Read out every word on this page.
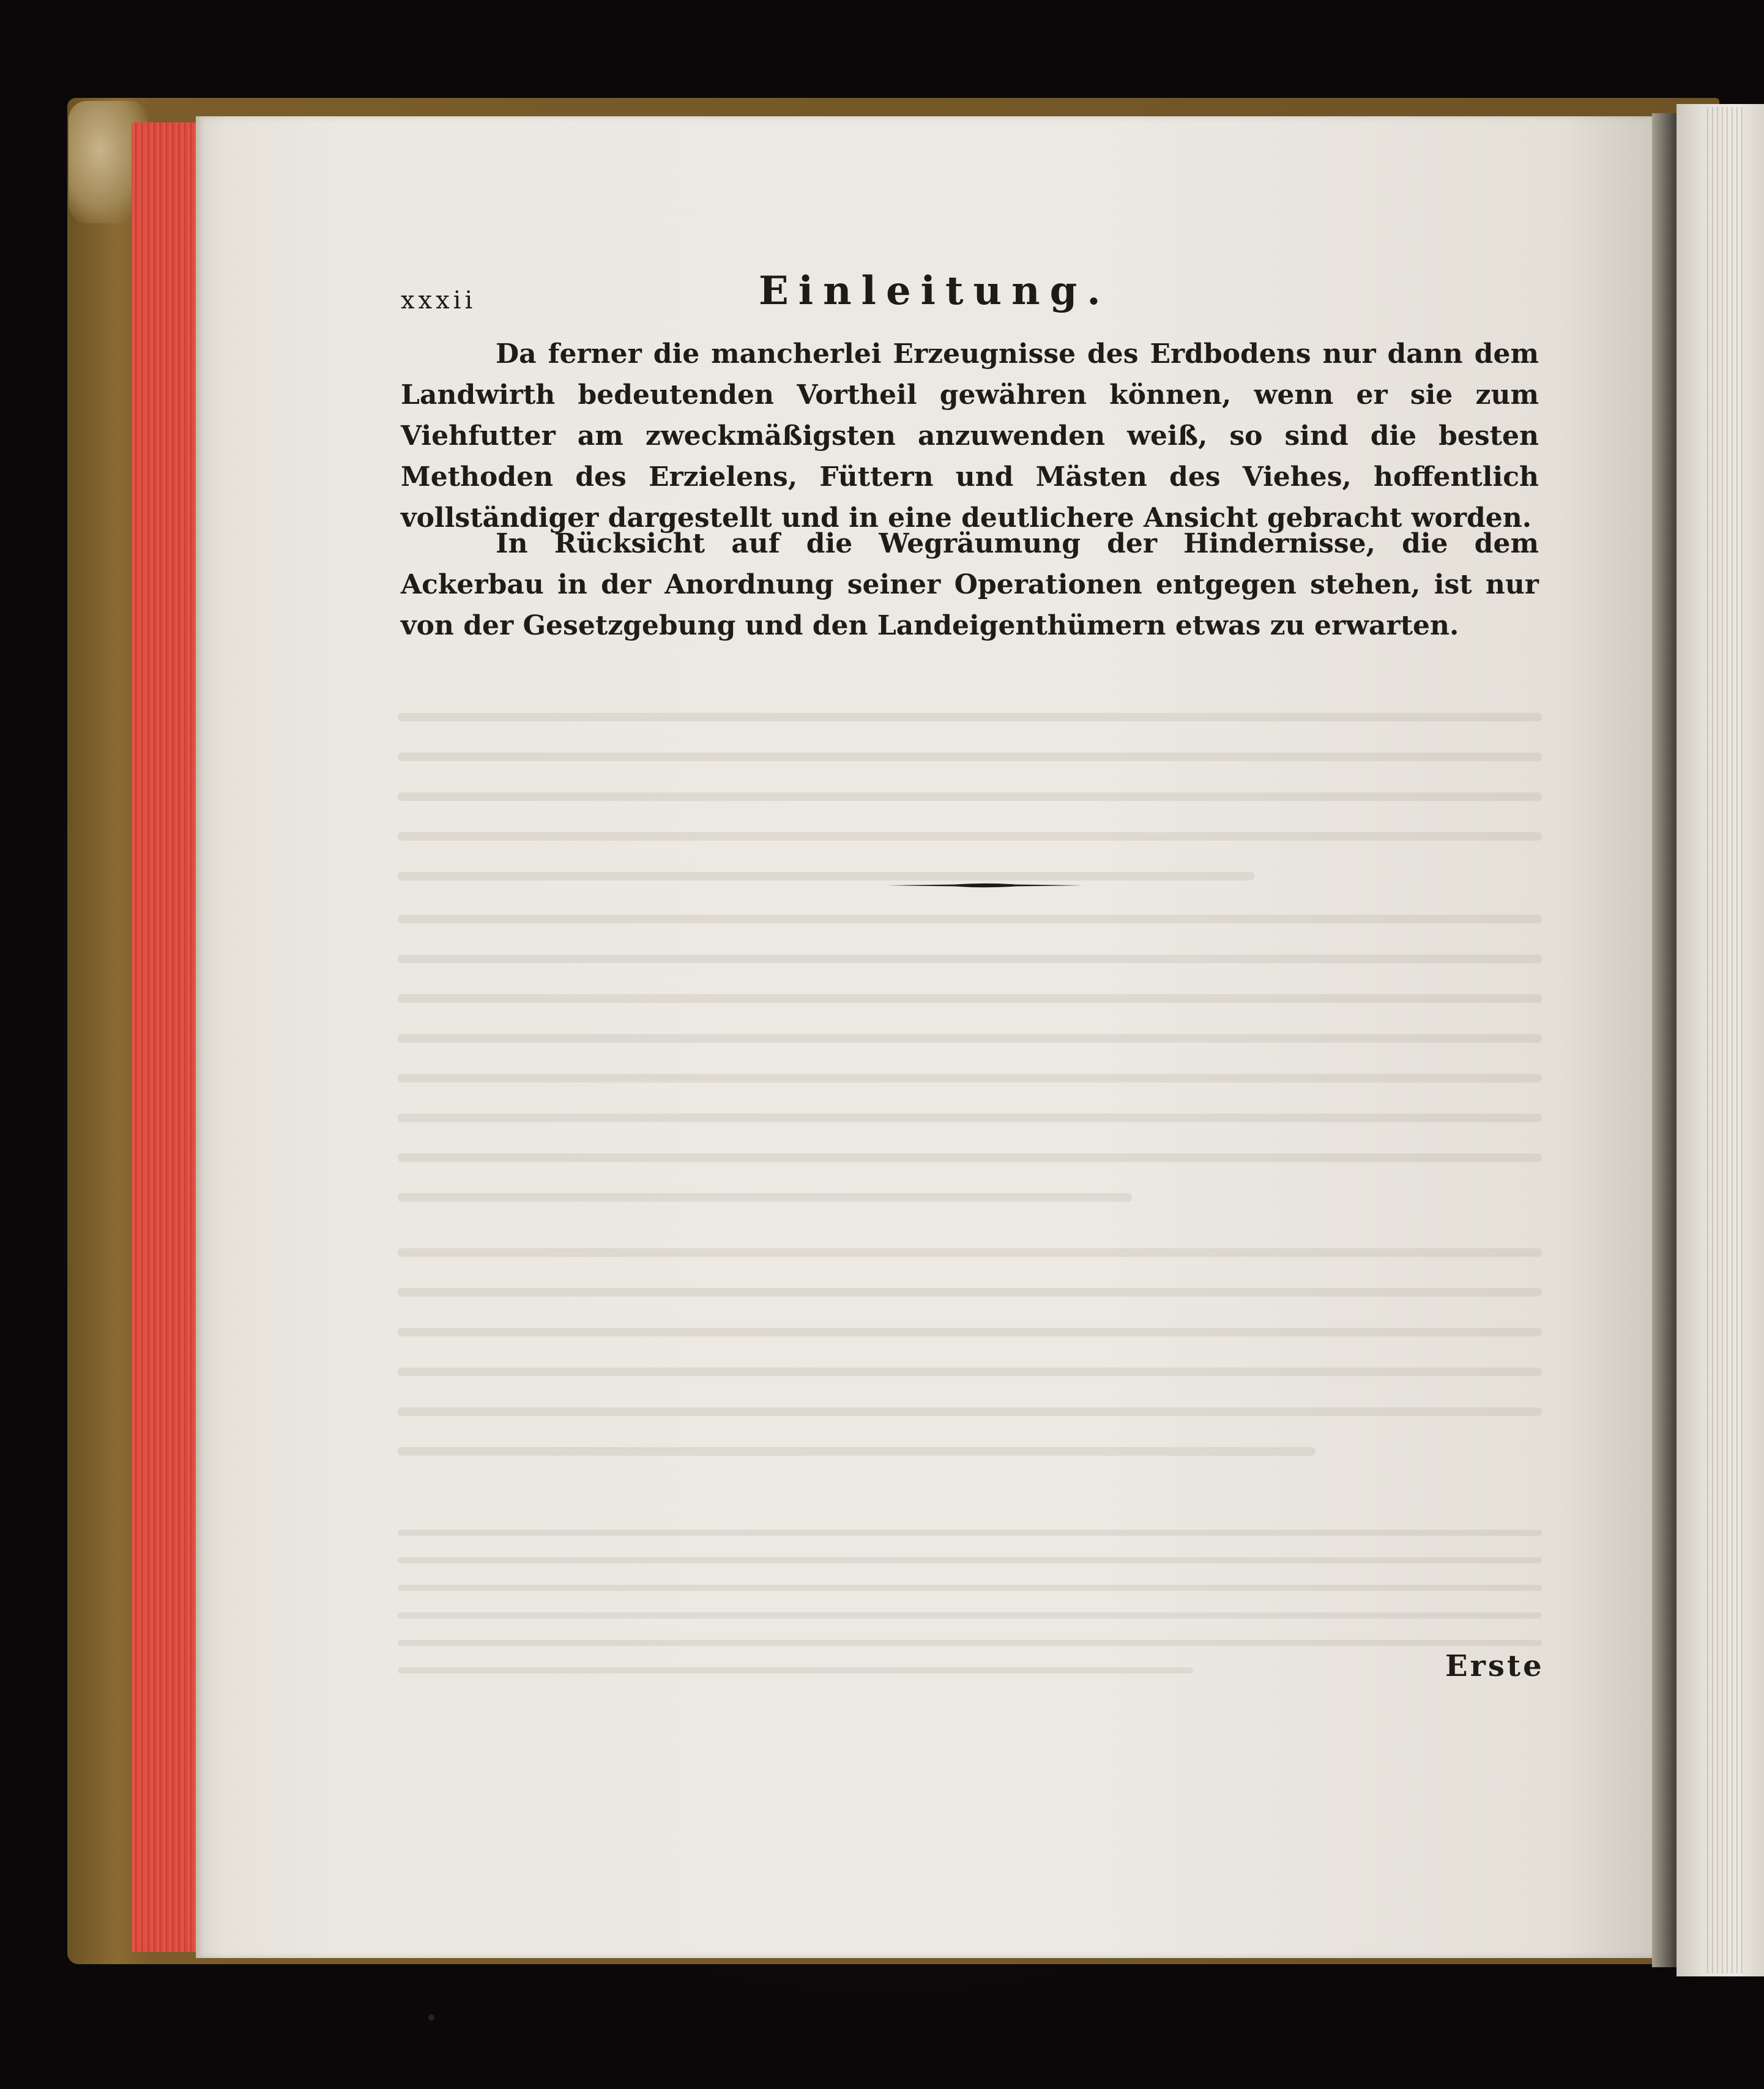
xxxii	Einleitung.
Da ferner die mancherlei Erzeugnisse des Erdbodens nur dann dem Landwirth bedeutenden Vortheil gewähren können, wenn er sie zum Viehfutter am zweckmäßigsten anzuwenden weiß, so sind die besten Methoden des Erzielens, Füttern und Mästen des Viehes, hoffentlich vollständiger dargestellt und in eine deutlichere Ansicht gebracht worden.
In Rücksicht auf die Wegräumung der Hindernisse, die dem Ackerbau in der Anordnung seiner Operationen entgegen stehen, ist nur von der Gesetzgebung und den Landeigenthümern etwas zu erwarten.
Erste
